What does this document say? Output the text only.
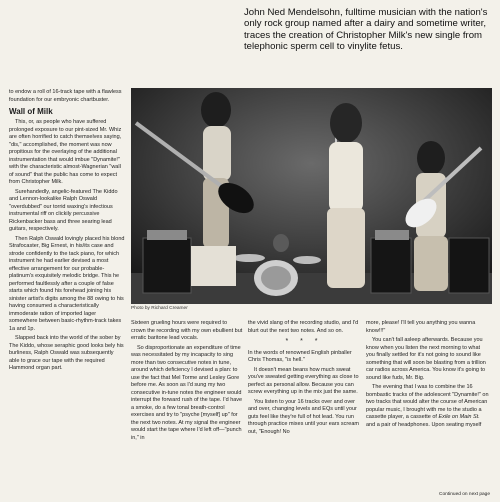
John Ned Mendelsohn, fulltime musician with the nation's only rock group named after a dairy and sometime writer, traces the creation of Christopher Milk's new single from telephonic sperm cell to vinylite fetus.

to endow a roll of 16-track tape with a flawless foundation for our embryonic chartbuster.

Wall of Milk

This, or, as people who have suffered prolonged exposure to our pint-sized Mr. Whiz are often horrified to catch themselves saying, "dis," accomplished, the moment was now propitious for the overlaying of the additional instrumentation that would imbue "Dynamite!" with the characteristic almost-Wagnerian "wall of sound" that the public has come to expect from Christopher Milk.

Surehandedly, angelic-featured The Kiddo and Lennon-lookalike Ralph Oswald "overdubbed" our torrid waxing's infectious instrumental riff on clickily percussive Rickenbacker bass and three searing lead guitars, respectively.

Then Ralph Oswald lovingly placed his blond Strafocaster, Big Ernest, in his/its case and strode confidently to the tack piano, for which instrument he had earlier devised a most effective arrangement for our probable-platinum's exquisitely melodic bridge. This he performed faultlessly after a couple of false starts which found his forehead joining his sinister artist's digits among the 88 owing to his having consumed a characteristically immoderate ration of imported lager somewhere between basic-rhythm-track takes 1a and 1p.

Slapped back into the world of the sober by The Kiddo, whose seraphic good looks bely his burliness, Ralph Oswald was subsequently able to grace our tape with the required Hammond organ part.

Photo by Richard Creamer

Sixteen grueling hours were required to crown the recording with my own ebullient but erratic baritone lead vocals.

So disproportionate an expenditure of time was necessitated by my incapacity to sing more than two consecutive notes in tune, around which deficiency I devised a plan: to use the fact that Mel Torme and Lesley Gore before me. As soon as I'd sung my two consecutive in-tune notes the engineer would interrupt the forward rush of the tape. I'd have a smoke, do a few tonal breath-control exercises and try to "psyche [myself] up" for the next two notes. At my signal the engineer would start the tape where I'd left off—"punch in," in

the vivid slang of the recording studio, and I'd blurt out the next two notes. And so on.

* * *

In the words of renowned English pinballer Chris Thomas, "is hell."

It doesn't mean beans how much sweat you've sweated getting everything as close to perfect as personal allow. Because you can screw everything up in the mix just the same.

You listen to your 16 tracks over and over and over, changing levels and EQs until your guts feel like they're full of hot lead. You run through practice mixes until your ears scream out, "Enough! No

more, please! I'll tell you anything you wanna know!!!"

You can't fall asleep afterwards. Because you know when you listen the next morning to what you finally settled for it's not going to sound like something that will soon be blasting from a trillion car radios across America. You know it's going to sound like fuds, Mr. Big.

The evening that I was to combine the 16 bombastic tracks of the adolescent "Dynamite!" on two tracks that would alter the course of American popular music, I brought with me to the studio a cassette player, a cassette of Exile on Main St. and a pair of headphones. Upon seating myself

Continued on next page
